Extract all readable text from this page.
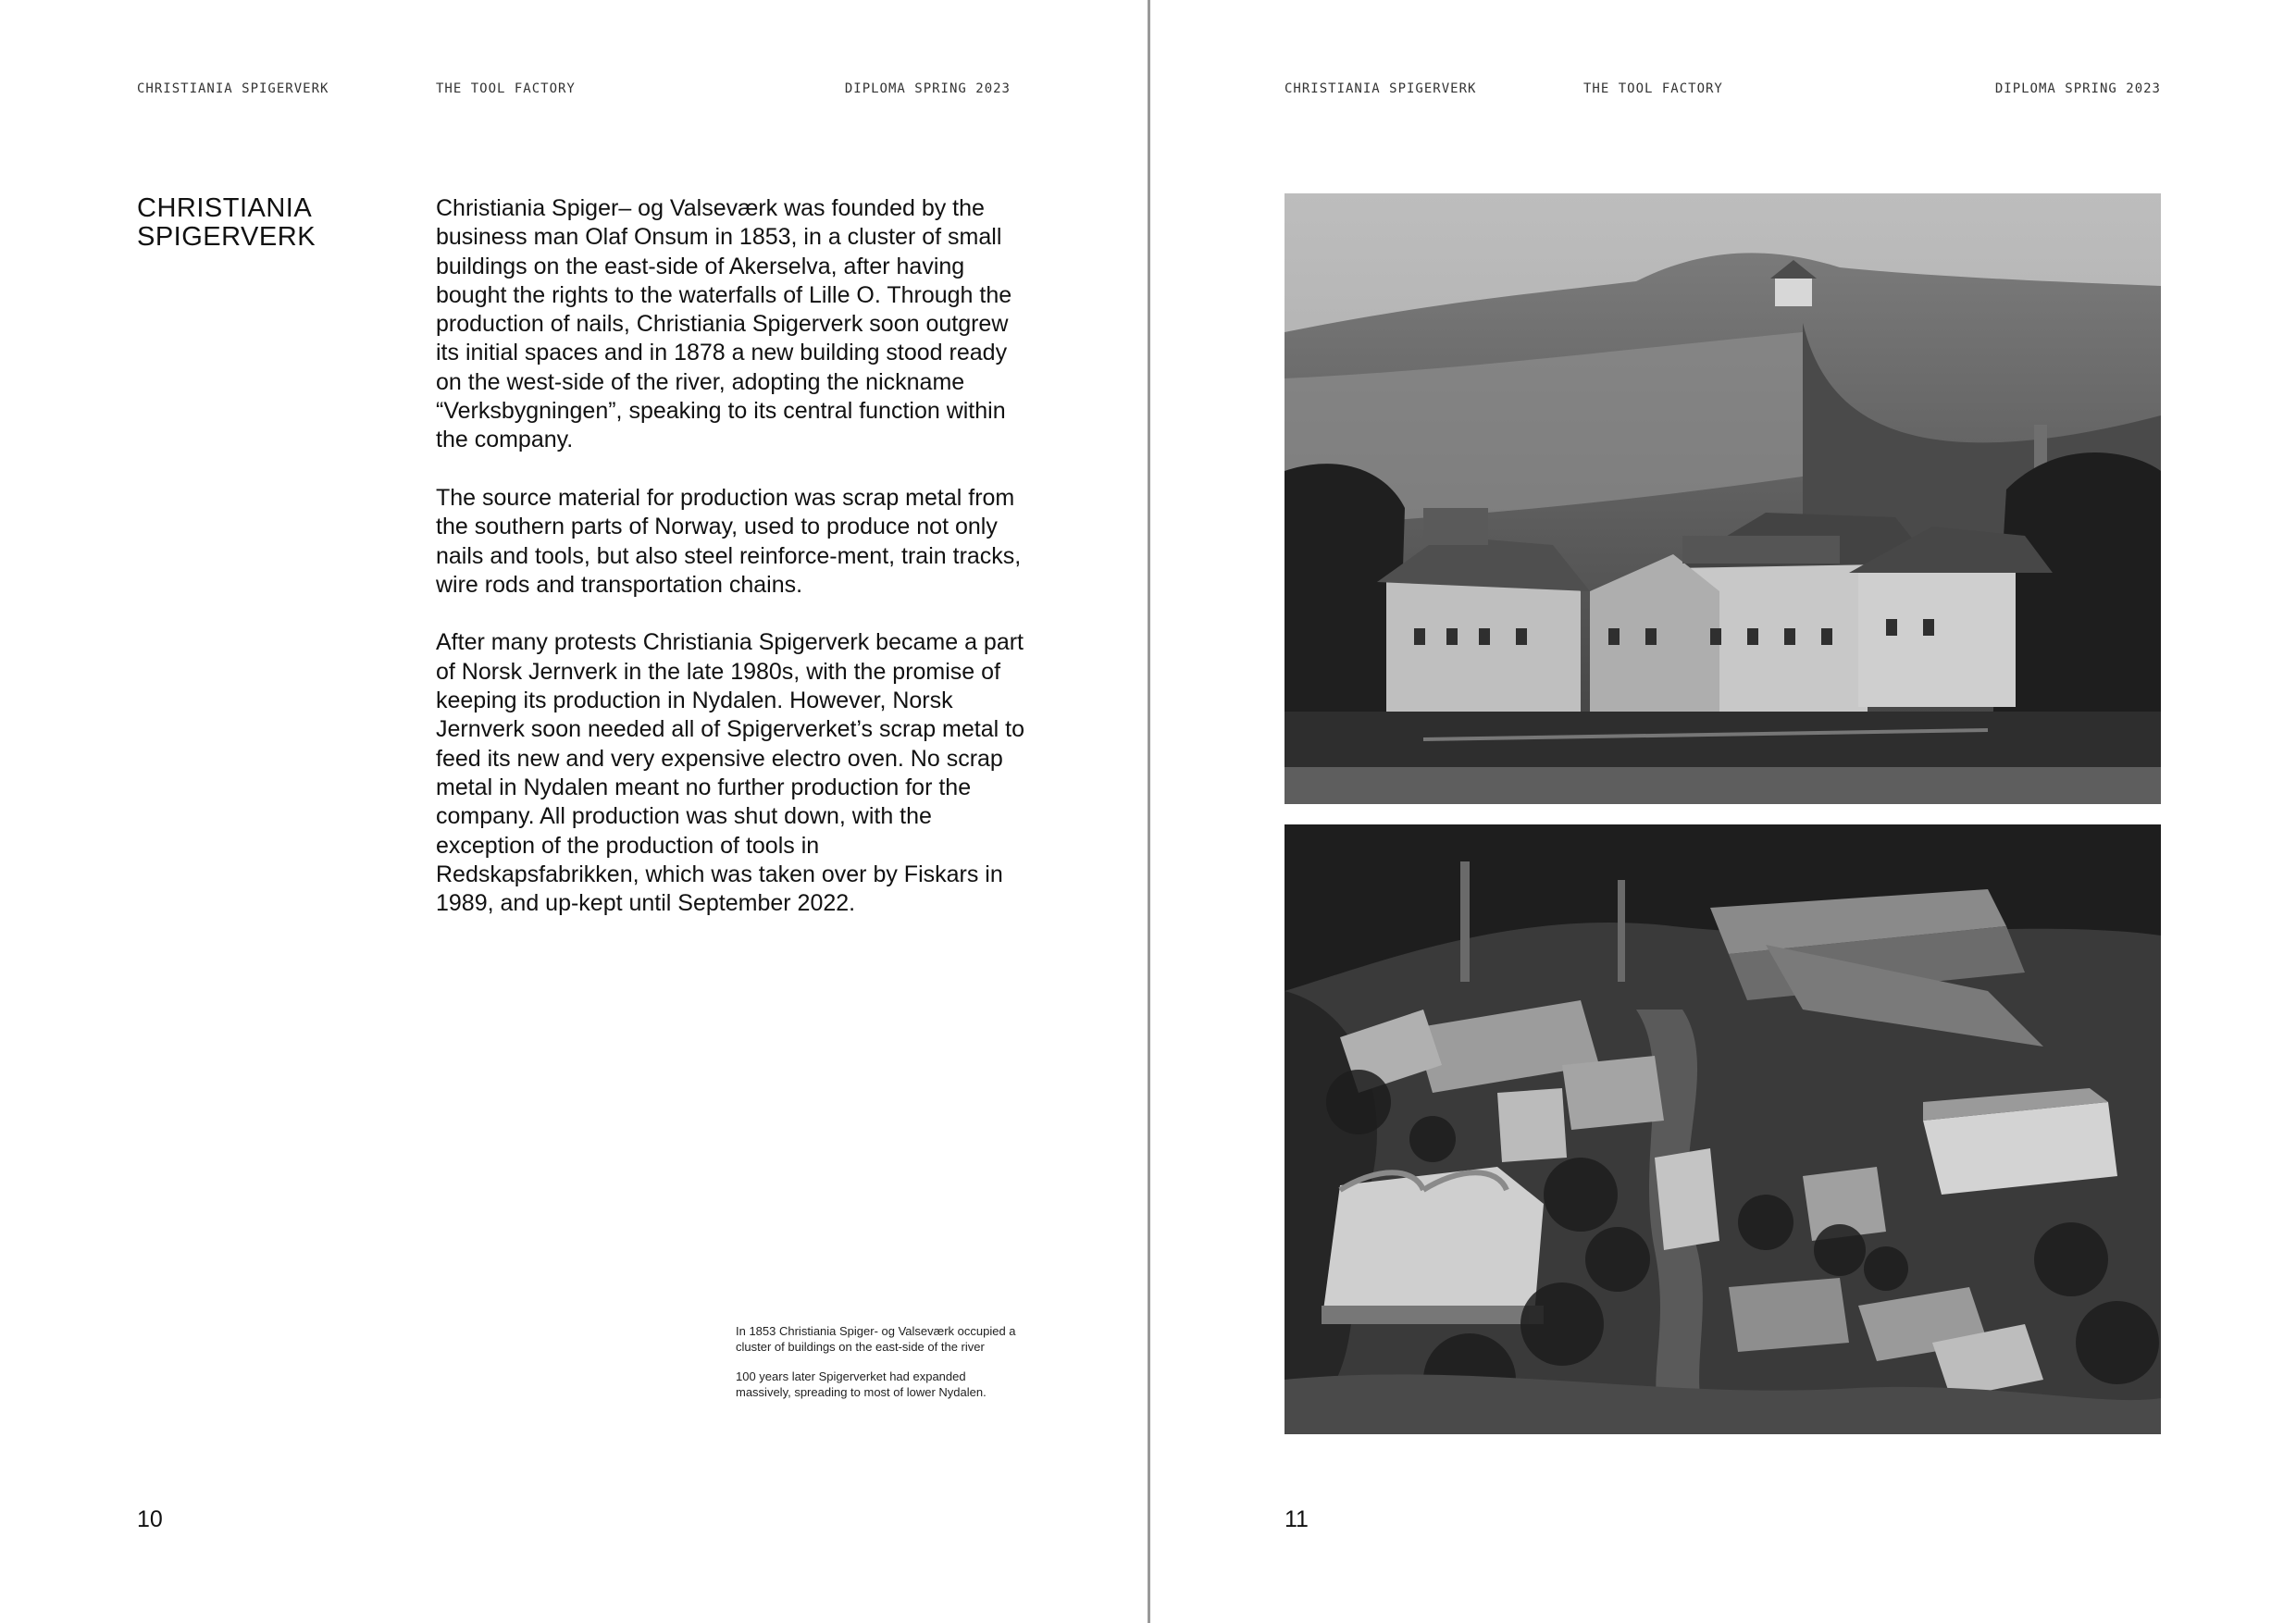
CHRISTIANIA SPIGERVERK	THE TOOL FACTORY	DIPLOMA SPRING 2023
CHRISTIANIA SPIGERVERK

Christiania Spiger– og Valseværk was founded by the business man Olaf Onsum in 1853, in a cluster of small buildings on the east-side of Akerselva, after having bought the rights to the waterfalls of Lille O. Through the production of nails, Christiania Spigerverk soon outgrew its initial spaces and in 1878 a new building stood ready on the west-side of the river, adopting the nickname “Verksbygningen”, speaking to its central function within the company.

The source material for production was scrap metal from the southern parts of Norway, used to produce not only nails and tools, but also steel reinforce-ment, train tracks, wire rods and transportation chains.

After many protests Christiania Spigerverk became a part of Norsk Jernverk in the late 1980s, with the promise of keeping its production in Nydalen. However, Norsk Jernverk soon needed all of Spigerverket’s scrap metal to feed its new and very expensive electro oven. No scrap metal in Nydalen meant no further production for the company. All production was shut down, with the exception of the production of tools in Redskapsfabrikken, which was taken over by Fiskars in 1989, and up-kept until September 2022.

In 1853 Christiania Spiger- og Valseværk occupied a cluster of buildings on the east-side of the river

100 years later Spigerverket had expanded massively, spreading to most of lower Nydalen.

10
CHRISTIANIA SPIGERVERK	THE TOOL FACTORY	DIPLOMA SPRING 2023
11
